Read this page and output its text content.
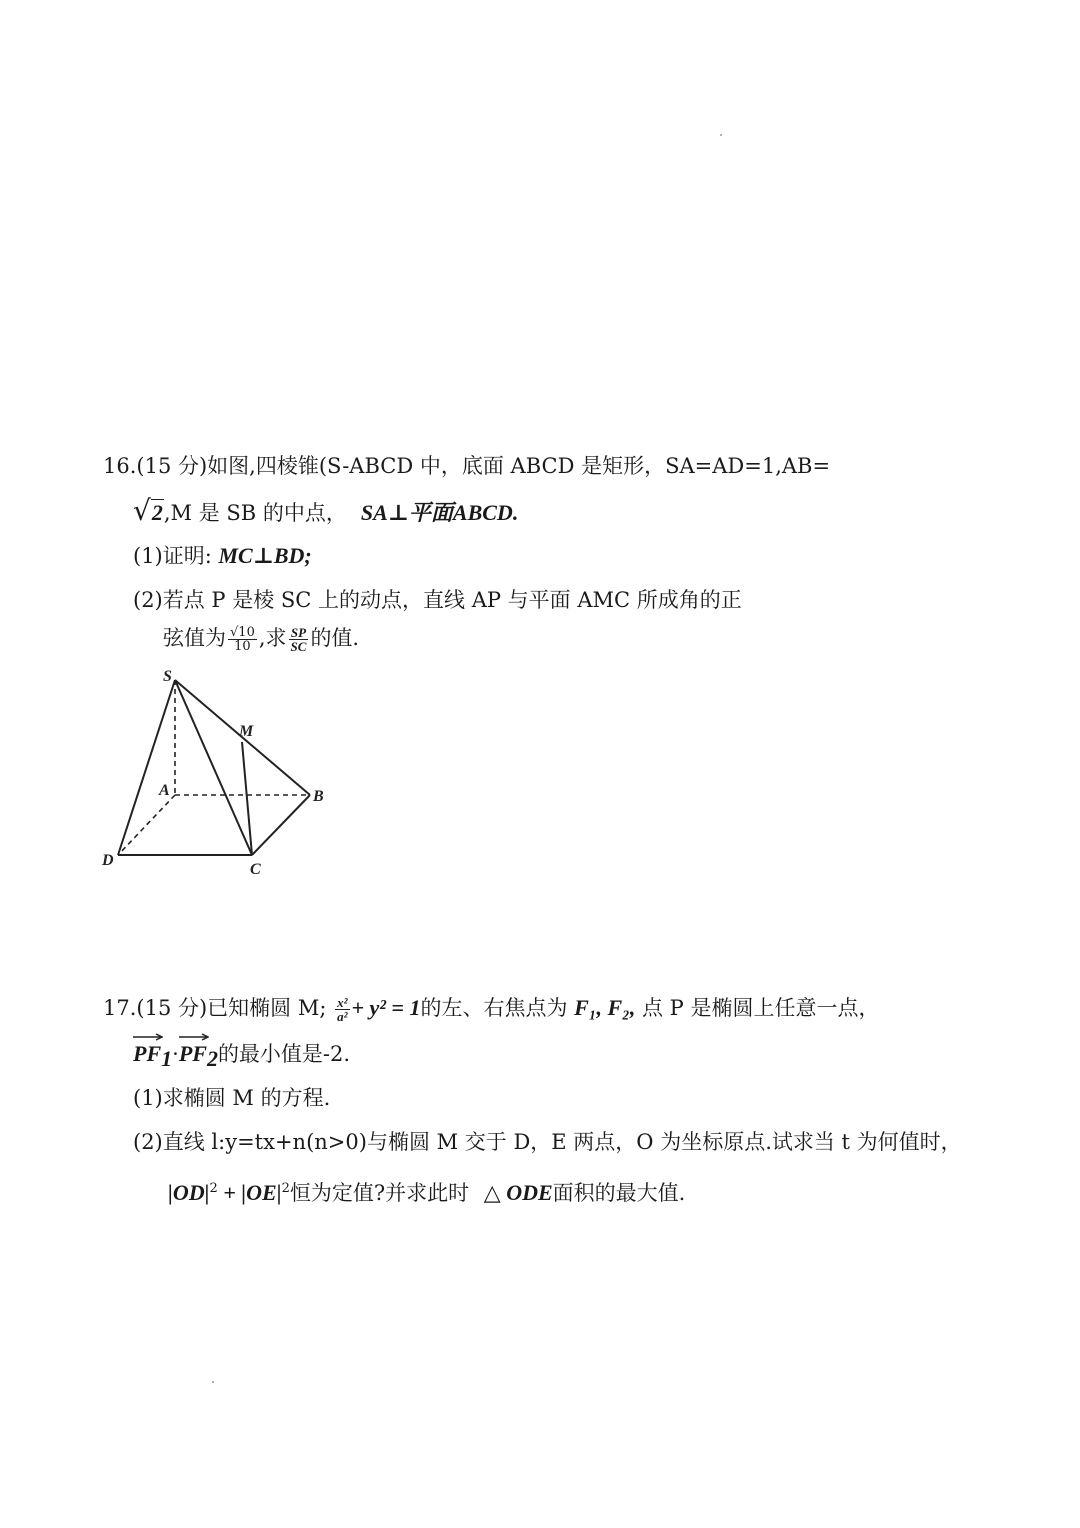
16.(15 分)如图,四棱锥(S-ABCD 中，底面 ABCD 是矩形，SA=AD=1,AB=
√2,M 是 SB 的中点， SA⊥平面ABCD.
(1)证明: MC⊥BD;
(2)若点 P 是棱 SC 上的动点，直线 AP 与平面 AMC 所成角的正
弦值为 $\frac{√10}{10}$ ,求 $\frac{SP}{SC}$ 的值.
S
M
A	B
D
C
17.(15 分)已知椭圆 M; $\frac{\text{x²}}{\text{a²}} + y^2 = 1$的左、右焦点为 F₁, F₂, 点 P 是椭圆上任意一点，
$PF_1\cdot$
$PF_2$的最小值是-2.
(1)求椭圆 M 的方程.
(2)直线 l:y=tx+n(n>0)与椭圆 M 交于 D，E 两点，O 为坐标原点.试求当 t 为何值时，
$|OD|^2 + |OE|^2$恒为定值?并求此时 △ ODE面积的最大值.
